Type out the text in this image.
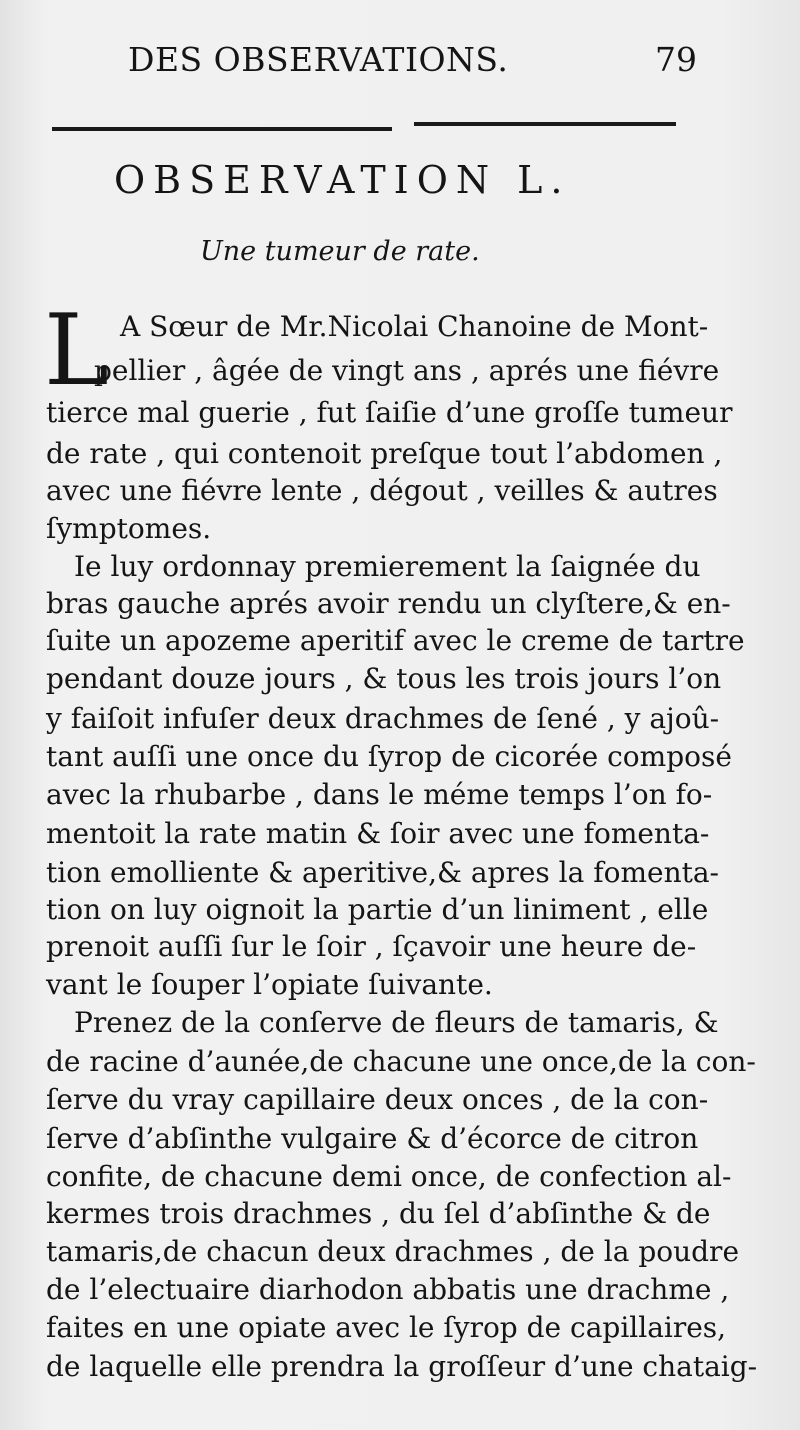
DES OBSERVATIONS.	79
OBSERVATION L.
Une tumeur de rate.
L A Sœur de Mr.Nicolai Chanoine de Mont-
pellier , âgée de vingt ans , aprés une fiévre
tierce mal guerie , fut ſaiſie d’une groſſe tumeur
de rate , qui contenoit preſque tout l’abdomen ,
avec une fiévre lente , dégout , veilles & autres
ſymptomes.
Ie luy ordonnay premierement la ſaignée du
bras gauche aprés avoir rendu un clyſtere,& en-
ſuite un apozeme aperitif avec le creme de tartre
pendant douze jours , & tous les trois jours l’on
y faiſoit infuſer deux drachmes de ſené , y ajoû-
tant auſſi une once du ſyrop de cicorée composé
avec la rhubarbe , dans le méme temps l’on fo-
mentoit la rate matin & ſoir avec une fomenta-
tion emolliente & aperitive,& apres la fomenta-
tion on luy oignoit la partie d’un liniment , elle
prenoit auſſi ſur le ſoir , ſçavoir une heure de-
vant le ſouper l’opiate ſuivante.
Prenez de la conſerve de fleurs de tamaris, &
de racine d’aunée,de chacune une once,de la con-
ſerve du vray capillaire deux onces , de la con-
ſerve d’abſinthe vulgaire & d’écorce de citron
confite, de chacune demi once, de confection al-
kermes trois drachmes , du ſel d’abſinthe & de
tamaris,de chacun deux drachmes , de la poudre
de l’electuaire diarhodon abbatis une drachme ,
faites en une opiate avec le ſyrop de capillaires,
de laquelle elle prendra la groſſeur d’une chataig-
